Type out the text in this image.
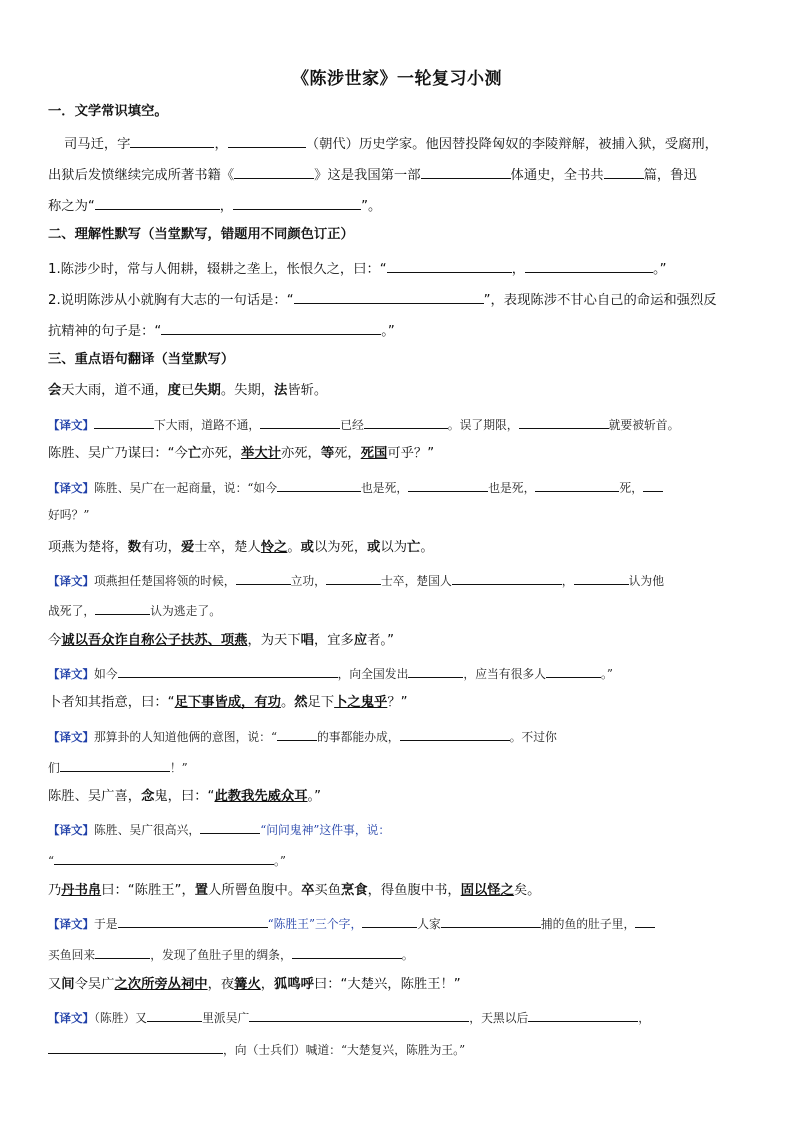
《陈涉世家》一轮复习小测
一．文学常识填空。
司马迁，字	，	（朝代）历史学家。他因替投降匈奴的李陵辩解，被捕入狱，受腐刑，
出狱后发愤继续完成所著书籍《	》这是我国第一部	体通史，全书共	篇，鲁迅
称之为“	，	”。
二、理解性默写（当堂默写，错题用不同颜色订正）
1.陈涉少时，常与人佣耕，辍耕之垄上，怅恨久之，曰：“	，	。”
2.说明陈涉从小就胸有大志的一句话是：“	”，表现陈涉不甘心自己的命运和强烈反
抗精神的句子是：“	。”
三、重点语句翻译（当堂默写）
会天大雨，道不通，度已失期。失期，法皆斩。
【译文】	下大雨，道路不通，	已经	。误了期限，	就要被斩首。
陈胜、吴广乃谋曰：“今亡亦死，举大计亦死，等死，死国可乎？”
【译文】陈胜、吴广在一起商量，说：“如今	也是死，	也是死，	死，
好吗？”
项燕为楚将，数有功，爱士卒，楚人怜之。或以为死，或以为亡。
【译文】项燕担任楚国将领的时候，	立功，	士卒，楚国人	，	认为他
战死了，	认为逃走了。
今诚以吾众诈自称公子扶苏、项燕，为天下唱，宜多应者。”
【译文】如今	，向全国发出	，应当有很多人	。”
卜者知其指意，曰：“足下事皆成，有功。然足下卜之鬼乎？”
【译文】那算卦的人知道他俩的意图，说：“	的事都能办成，	。不过你
们	！”
陈胜、吴广喜，念鬼，曰：“此教我先威众耳。”
【译文】陈胜、吴广很高兴，	“问问鬼神”这件事，说：
“	。”
乃丹书帛曰：“陈胜王”，置人所罾鱼腹中。卒买鱼烹食，得鱼腹中书，固以怪之矣。
【译文】于是	“陈胜王”三个字，	人家	捕的鱼的肚子里，
买鱼回来	，发现了鱼肚子里的绸条，	。
又间令吴广之次所旁丛祠中，夜篝火，狐鸣呼曰：“大楚兴，陈胜王！”
【译文】（陈胜）又	里派吴广	，天黑以后	，
，向（士兵们）喊道：“大楚复兴，陈胜为王。”
